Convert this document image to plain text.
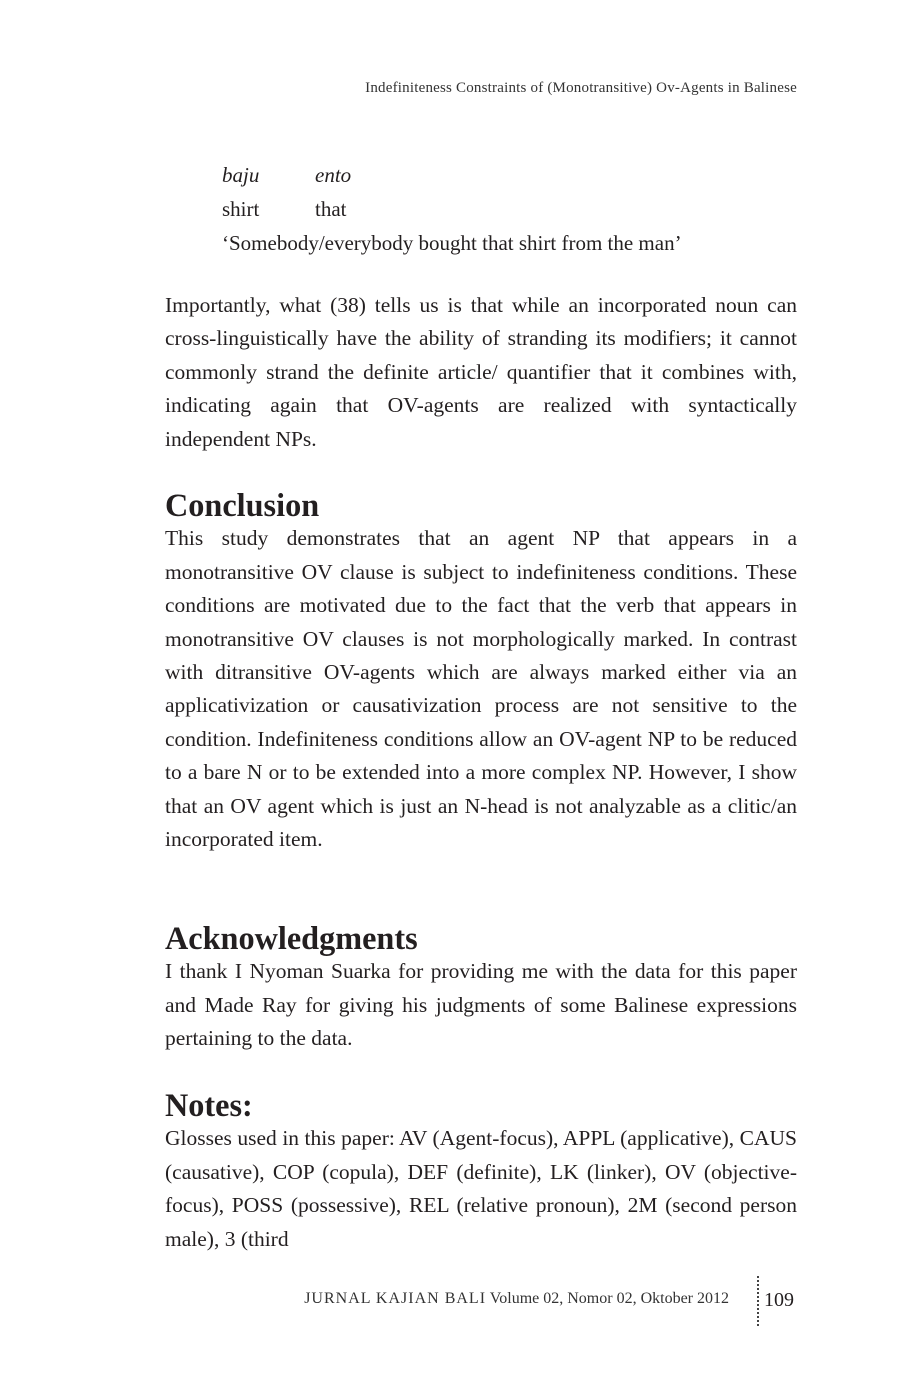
Indefiniteness Constraints of (Monotransitive) Ov-Agents in Balinese
baju	ento
shirt	that
‘Somebody/everybody bought that shirt from the man’

Importantly, what (38) tells us is that while an incorporated noun can cross-linguistically have the ability of stranding its modifiers; it cannot commonly strand the definite article/ quantifier that it combines with, indicating again that OV-agents are realized with syntactically independent NPs.

Conclusion

This study demonstrates that an agent NP that appears in a monotransitive OV clause is subject to indefiniteness conditions. These conditions are motivated due to the fact that the verb that appears in monotransitive OV clauses is not morphologically marked. In contrast with ditransitive OV-agents which are always marked either via an applicativization or causativization process are not sensitive to the condition. Indefiniteness conditions allow an OV-agent NP to be reduced to a bare N or to be extended into a more complex NP. However, I show that an OV agent which is just an N-head is not analyzable as a clitic/an incorporated item.

Acknowledgments

I thank I Nyoman Suarka for providing me with the data for this paper and Made Ray for giving his judgments of some Balinese expressions pertaining to the data.

Notes:

Glosses used in this paper: AV (Agent-focus), APPL (applicative), CAUS (causative), COP (copula), DEF (definite), LK (linker), OV (objective-focus), POSS (possessive), REL (relative pronoun), 2M (second person male), 3 (third

JURNAL KAJIAN BALI Volume 02, Nomor 02, Oktober 2012 109
